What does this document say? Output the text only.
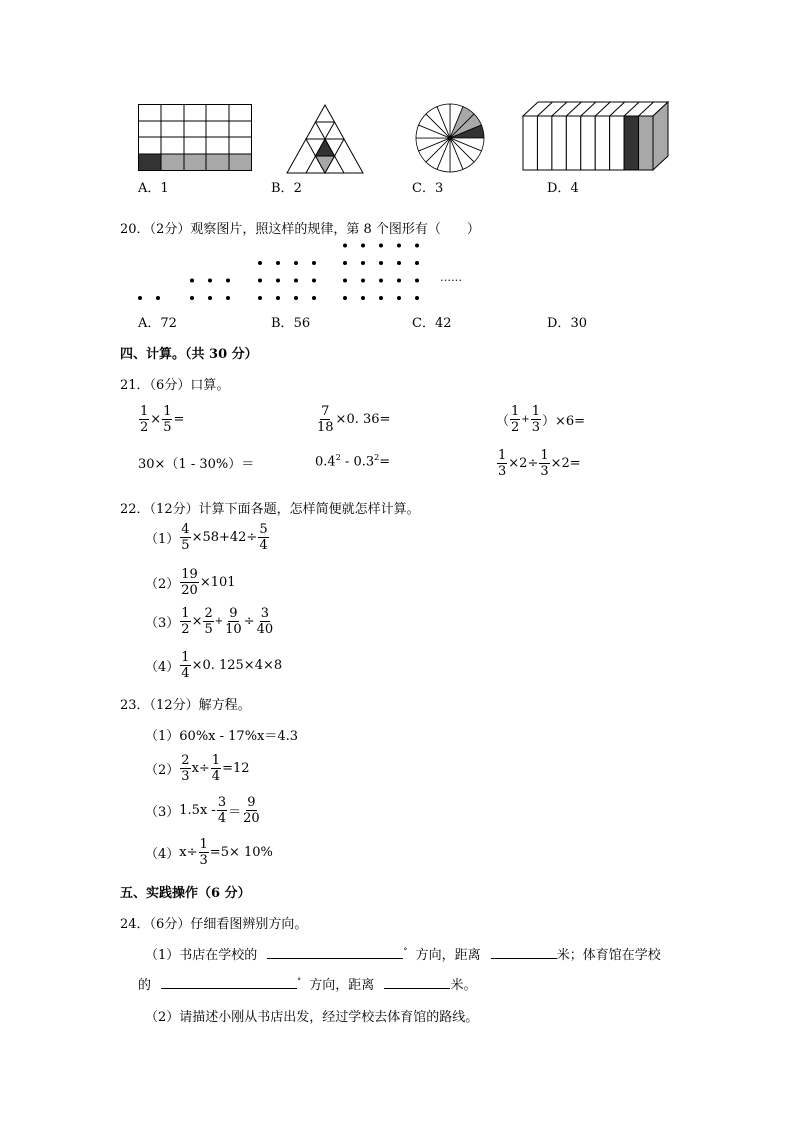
A．1	B．2	C．3	D．4
20．（2分）观察图片，照这样的规律，第 8 个图形有（　　）
……
A．72	B．56	C．42	D．30
四、计算。（共 30 分）
21．（6分）口算。
$\frac{1}{2} \times \frac{1}{5}$ =	$\frac{7}{18} \times 0$. 36=	（ $\frac{1}{2} + \frac{1}{3} )\times 6=$
30×（1 - 30%）＝	$0.4^2 - 0.3^2=$	$\frac{1}{3} \times 2\div \frac{1}{3} \times 2=$
22．（12分）计算下面各题，怎样简便就怎样计算。
$(1) \frac{4}{5} \times 58+42\div \frac{5}{4}$
$(2) \frac{19}{20} \times 101$
$(3) \frac{1}{2} \times \frac{2}{5} + \frac{9}{10} \div \frac{3}{40}$
$(4) \frac{1}{4} \times 0$. 125×4×8
23．（12分）解方程。
（1）60%x - 17%x＝4.3
$(2) \frac{2}{3} x\div \frac{1}{4} =12$
（3） $1.5x - \frac{3}{4} = \frac{9}{20}$
（4） $x\div \frac{1}{3} =5\times 10\%$
五、实践操作（6 分）
24．（6分）仔细看图辨别方向。
（1）书店在学校的	° 方向，距离	米；体育馆在学校
的	° 方向，距离	米。
（2）请描述小刚从书店出发，经过学校去体育馆的路线。
